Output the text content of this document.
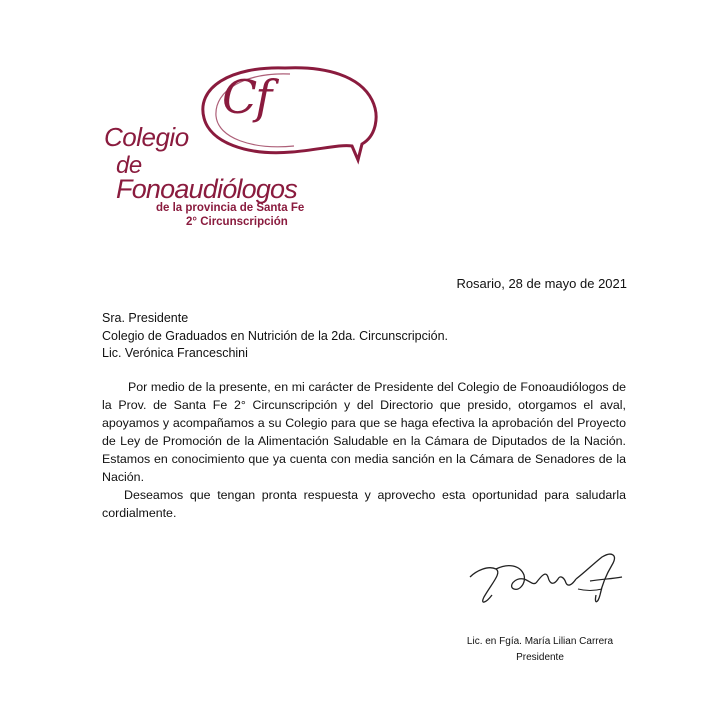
Cf
Colegio
de
Fonoaudiólogos
de la provincia de Santa Fe
2° Circunscripción
Rosario, 28 de mayo de 2021
Sra. Presidente
Colegio de Graduados en Nutrición de la 2da. Circunscripción.
Lic. Verónica Franceschini

Por medio de la presente, en mi carácter de Presidente del Colegio de Fonoaudiólogos de la Prov. de Santa Fe 2° Circunscripción y del Directorio que presido, otorgamos el aval, apoyamos y acompañamos a su Colegio para que se haga efectiva la aprobación del Proyecto de Ley de Promoción de la Alimentación Saludable en la Cámara de Diputados de la Nación. Estamos en conocimiento que ya cuenta con media sanción en la Cámara de Senadores de la Nación.

Deseamos que tengan pronta respuesta y aprovecho esta oportunidad para saludarla cordialmente.

Lic. en Fgía. María Lilian Carrera
Presidente
